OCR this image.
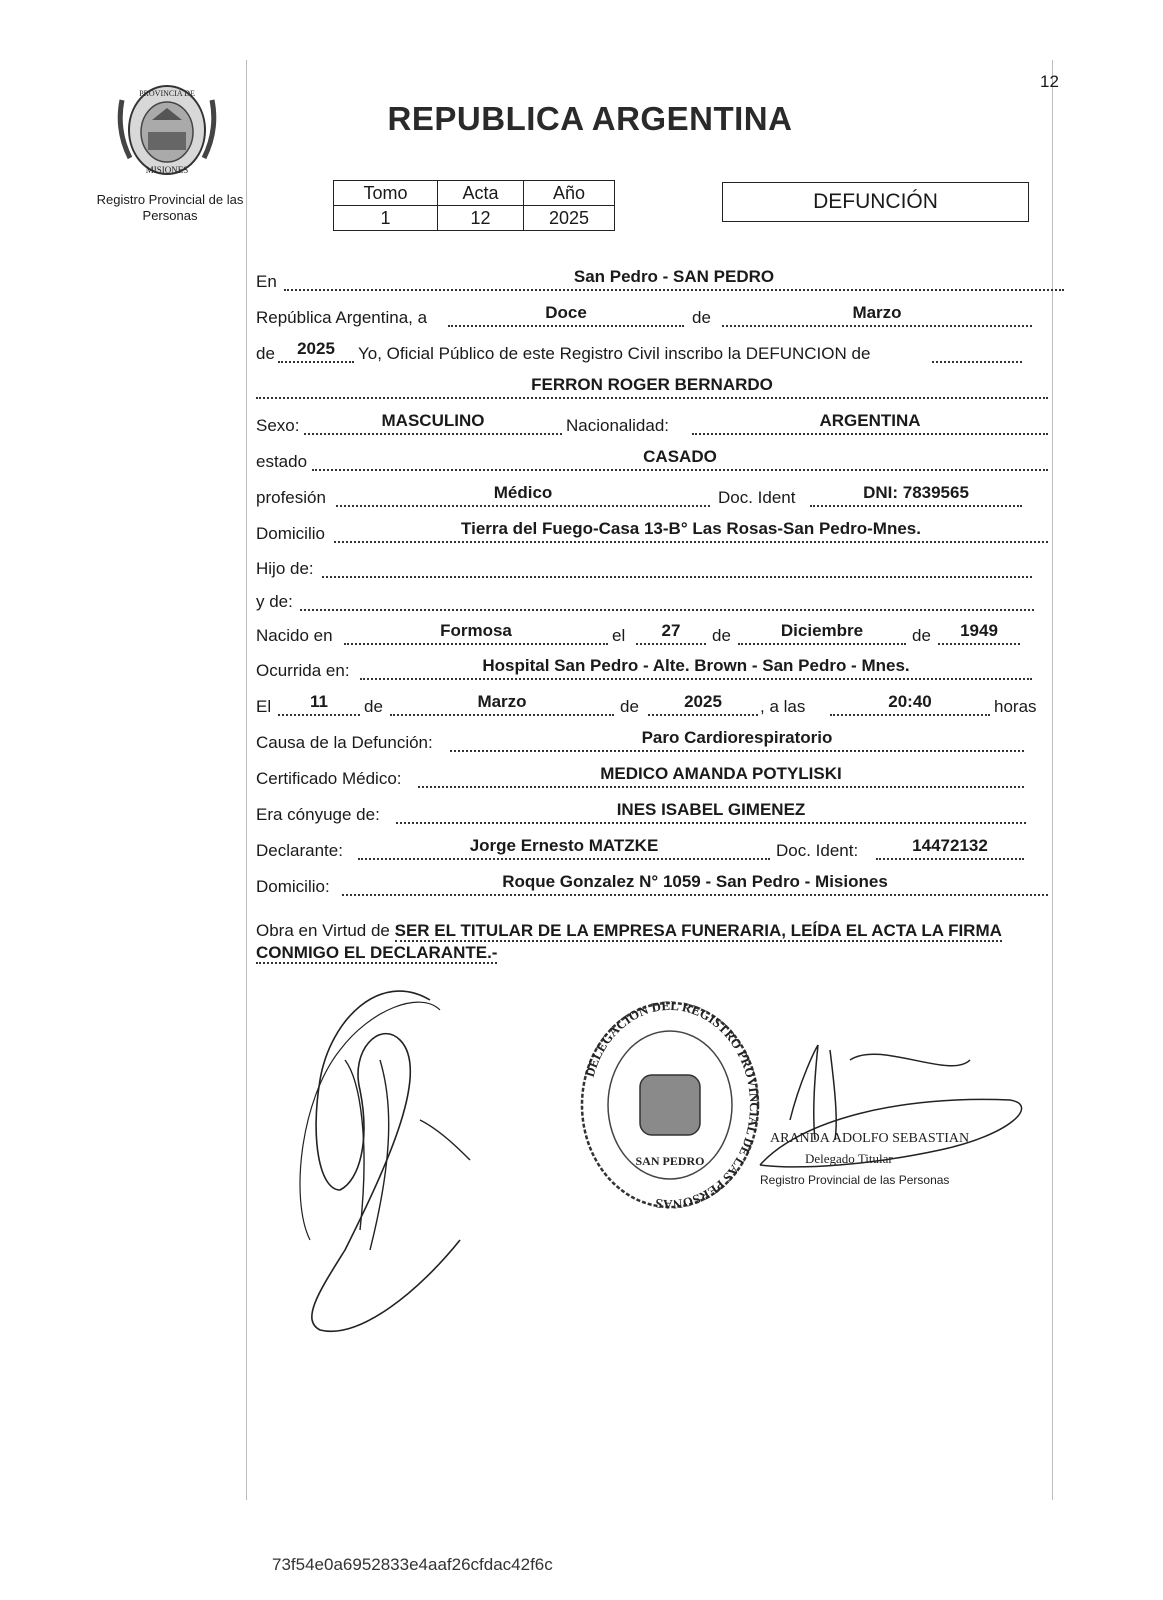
12
PROVINCIA DE
MISIONES
Registro Provincial de las Personas
REPUBLICA ARGENTINA
Tomo	Acta	Año
1	12	2025
DEFUNCIÓN
En	San Pedro - SAN PEDRO
República Argentina, a	Doce	de	Marzo
de	2025	Yo, Oficial Público de este Registro Civil inscribo la DEFUNCION de
FERRON ROGER BERNARDO
Sexo:	MASCULINO	Nacionalidad:	ARGENTINA
estado	CASADO
profesión	Médico	Doc. Ident	DNI: 7839565
Domicilio	Tierra del Fuego-Casa 13-B° Las Rosas-San Pedro-Mnes.
Hijo de:
y de:
Nacido en	Formosa	el	27	de	Diciembre	de	1949
Ocurrida en:	Hospital San Pedro - Alte. Brown - San Pedro - Mnes.
El	11	de	Marzo	de	2025	, a las	20:40	horas
Causa de la Defunción:	Paro Cardiorespiratorio
Certificado Médico:	MEDICO AMANDA POTYLISKI
Era cónyuge de:	INES ISABEL GIMENEZ
Declarante:	Jorge Ernesto MATZKE	Doc. Ident:	14472132
Domicilio:	Roque Gonzalez N° 1059 - San Pedro - Misiones
Obra en Virtud de SER EL TITULAR DE LA EMPRESA FUNERARIA, LEÍDA EL ACTA LA FIRMA CONMIGO EL DECLARANTE.-
DELEGACION DEL REGISTRO PROVINCIAL DE LAS PERSONAS
SAN PEDRO
ARANDA ADOLFO SEBASTIAN
Delegado Titular
Registro Provincial de las Personas
73f54e0a6952833e4aaf26cfdac42f6c
